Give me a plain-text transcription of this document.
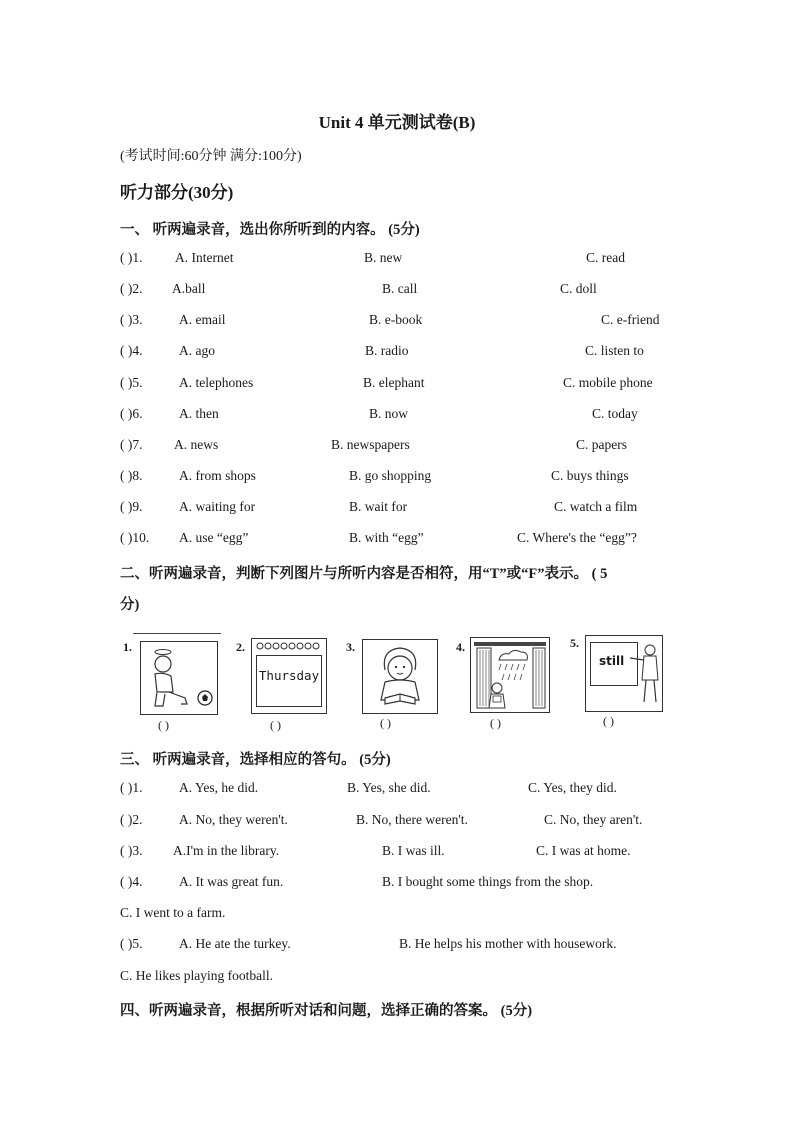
Unit 4 单元测试卷(B)
(考试时间:60分钟 满分:100分)
听力部分(30分)
一、 听两遍录音，选出你所听到的内容。 (5分)
( )1. A. Internet	B. new	C. read
( )2. A.ball	B. call	C. doll
( )3.	A. email	B. e-book	C. e-friend
( )4.	A. ago	B. radio	C. listen to
( )5.	A. telephones	B. elephant	C. mobile phone
( )6.	A. then	B. now	C. today
( )7. A. news	B. newspapers	C. papers
( )8.	A. from shops	B. go shopping	C. buys things
( )9.	A. waiting for	B. wait for	C. watch a film
( )10. A. use “egg”	B. with “egg”	C. Where's the “egg”?
二、听两遍录音，判断下列图片与所听内容是否相符，用“T”或“F”表示。 ( 5
分)
1.
( )
2.
Thursday
( )
3.
( )
4.
( )
5.
still
( )
三、 听两遍录音，选择相应的答句。 (5分)
( )1.	A. Yes, he did.	B. Yes, she did.	C. Yes, they did.
( )2.	A. No, they weren't.	B. No, there weren't.	C. No, they aren't.
( )3. A.I'm in the library.	B. I was ill.	C. I was at home.
( )4.	A. It was great fun.	B. I bought some things from the shop.
C. I went to a farm.
( )5.	A. He ate the turkey.	B. He helps his mother with housework.
C. He likes playing football.
四、听两遍录音，根据所听对话和问题，选择正确的答案。 (5分)
